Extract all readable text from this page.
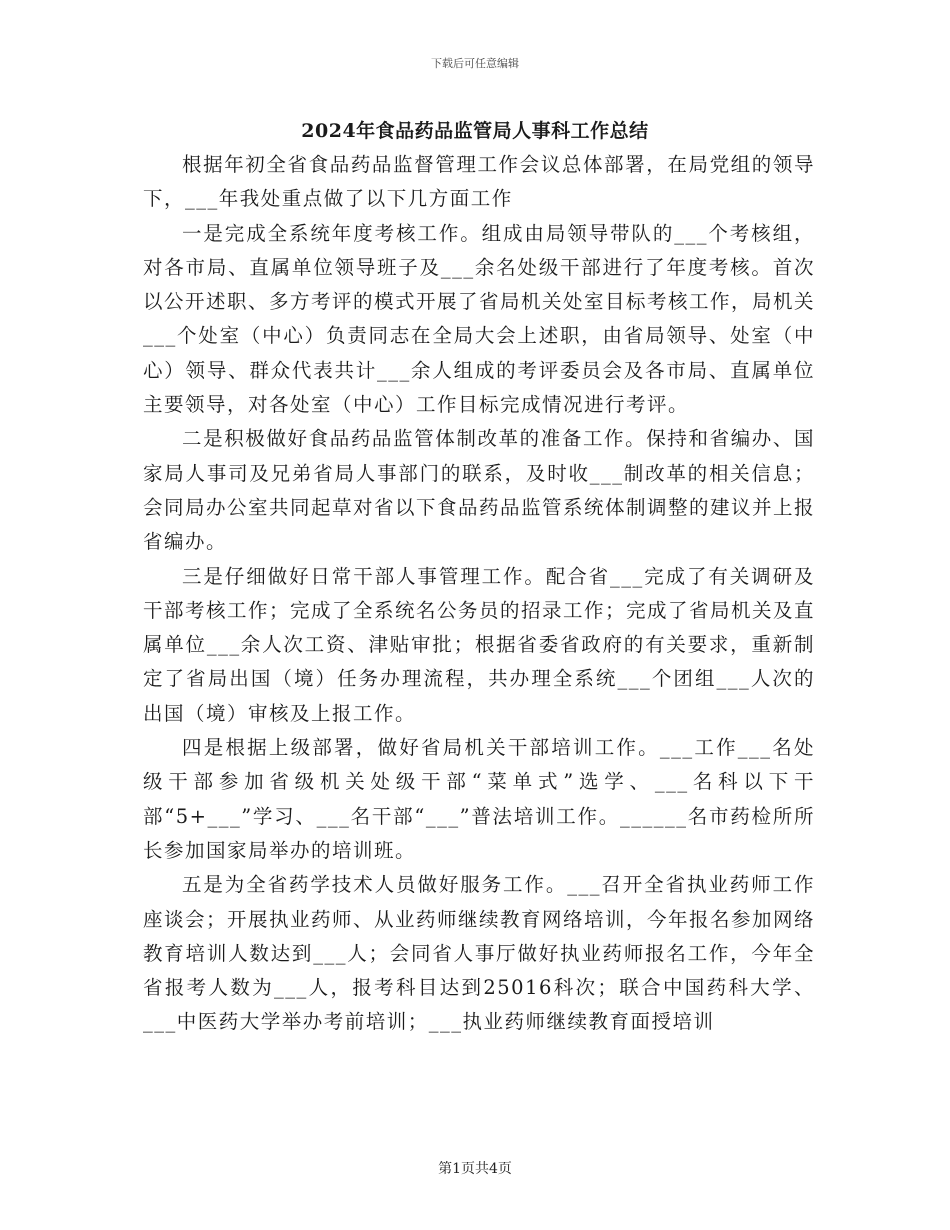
下载后可任意编辑
2024年食品药品监管局人事科工作总结

根据年初全省食品药品监督管理工作会议总体部署，在局党组的领导下，___年我处重点做了以下几方面工作

一是完成全系统年度考核工作。组成由局领导带队的___个考核组，对各市局、直属单位领导班子及___余名处级干部进行了年度考核。首次以公开述职、多方考评的模式开展了省局机关处室目标考核工作，局机关___个处室（中心）负责同志在全局大会上述职，由省局领导、处室（中心）领导、群众代表共计___余人组成的考评委员会及各市局、直属单位主要领导，对各处室（中心）工作目标完成情况进行考评。

二是积极做好食品药品监管体制改革的准备工作。保持和省编办、国家局人事司及兄弟省局人事部门的联系，及时收___制改革的相关信息；会同局办公室共同起草对省以下食品药品监管系统体制调整的建议并上报省编办。

三是仔细做好日常干部人事管理工作。配合省___完成了有关调研及干部考核工作；完成了全系统名公务员的招录工作；完成了省局机关及直属单位___余人次工资、津贴审批；根据省委省政府的有关要求，重新制定了省局出国（境）任务办理流程，共办理全系统___个团组___人次的出国（境）审核及上报工作。

四是根据上级部署，做好省局机关干部培训工作。___工作___名处级干部参加省级机关处级干部“菜单式”选学、___名科以下干部“5+___”学习、___名干部“___”普法培训工作。______名市药检所所长参加国家局举办的培训班。

五是为全省药学技术人员做好服务工作。___召开全省执业药师工作座谈会；开展执业药师、从业药师继续教育网络培训，今年报名参加网络教育培训人数达到___人；会同省人事厅做好执业药师报名工作，今年全省报考人数为___人，报考科目达到25016科次；联合中国药科大学、___中医药大学举办考前培训；___执业药师继续教育面授培训

第1页共4页
